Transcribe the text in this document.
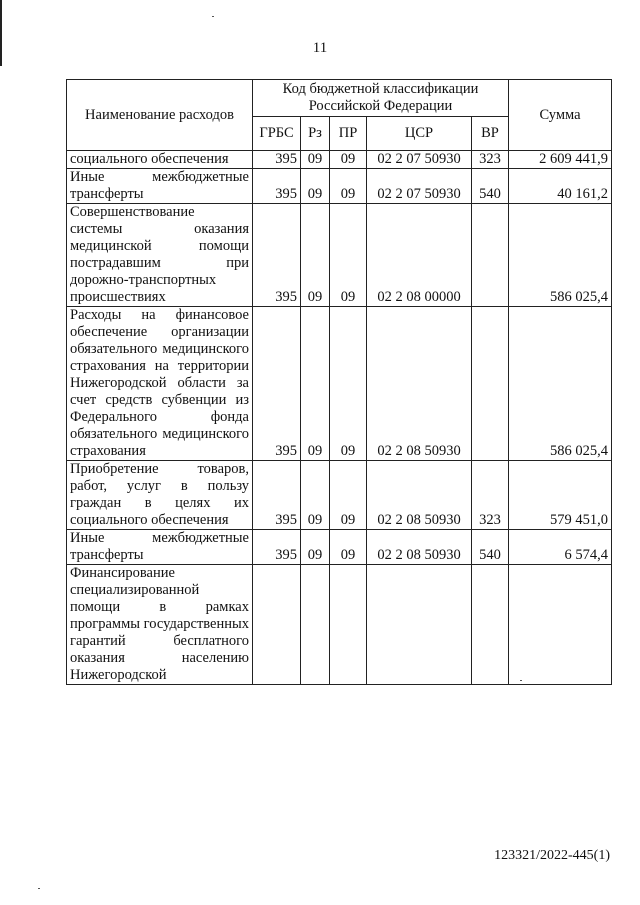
11
Наименование расходов	Код бюджетной классификации Российской Федерации					Сумма
	ГРБС	Рз	ПР	ЦСР	ВР	
социального обеспечения	395	09	09	02 2 07 50930	323	2 609 441,9
Иные межбюджетные трансферты	395	09	09	02 2 07 50930	540	40 161,2
Совершенствование системы оказания медицинской помощи пострадавшим при дорожно-транспортных происшествиях	395	09	09	02 2 08 00000		586 025,4
Расходы на финансовое обеспечение организации обязательного медицинского страхования на территории Нижегородской области за счет средств субвенции из Федерального фонда обязательного медицинского страхования	395	09	09	02 2 08 50930		586 025,4
Приобретение товаров, работ, услуг в пользу граждан в целях их социального обеспечения	395	09	09	02 2 08 50930	323	579 451,0
Иные межбюджетные трансферты	395	09	09	02 2 08 50930	540	6 574,4
Финансирование специализированной помощи в рамках программы государственных гарантий бесплатного оказания населению Нижегородской						
123321/2022-445(1)
